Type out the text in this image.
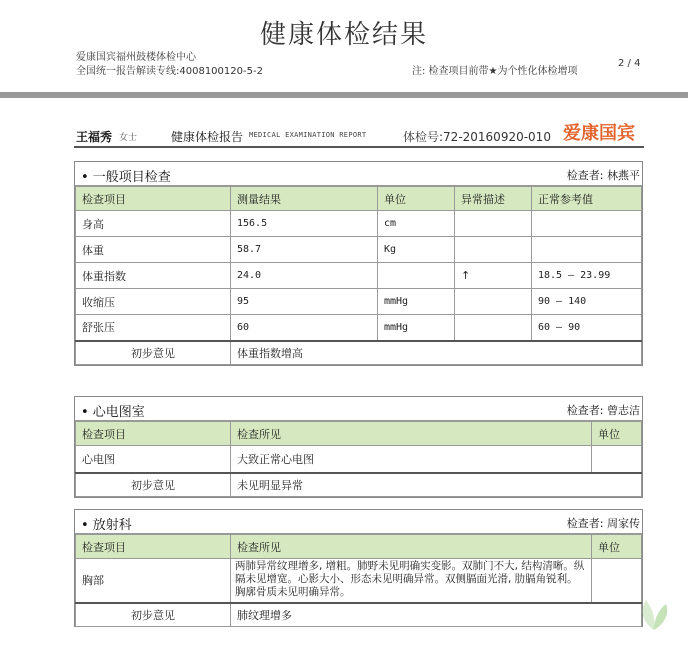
健康体检结果
爱康国宾福州鼓楼体检中心
全国统一报告解读专线:4008100120-5-2	注: 检查项目前带★为个性化体检增项
2 / 4
王福秀 女士	健康体检报告 MEDICAL EXAMINATION REPORT	体检号:72-20160920-010 爱康国宾
• 一般项目检查	检查者: 林燕平
检查项目	测量结果	单位	异常描述	正常参考值
身高	156.5	cm		
体重	58.7	Kg		
体重指数	24.0		↑	18.5 — 23.99
收缩压	95	mmHg		90 — 140
舒张压	60	mmHg		60 — 90
初步意见	体重指数增高			
• 心电图室	检查者: 曾志洁
检查项目	检查所见	单位
心电图	大致正常心电图	
初步意见	未见明显异常	
• 放射科	检查者: 周家传
检查项目	检查所见	单位
胸部	两肺异常纹理增多, 增粗。肺野未见明确实变影。双肺门不大, 结构清晰。纵隔未见增宽。心影大小、形态未见明确异常。双侧膈面光滑, 肋膈角锐利。胸廓骨质未见明确异常。	
初步意见	肺纹理增多	
